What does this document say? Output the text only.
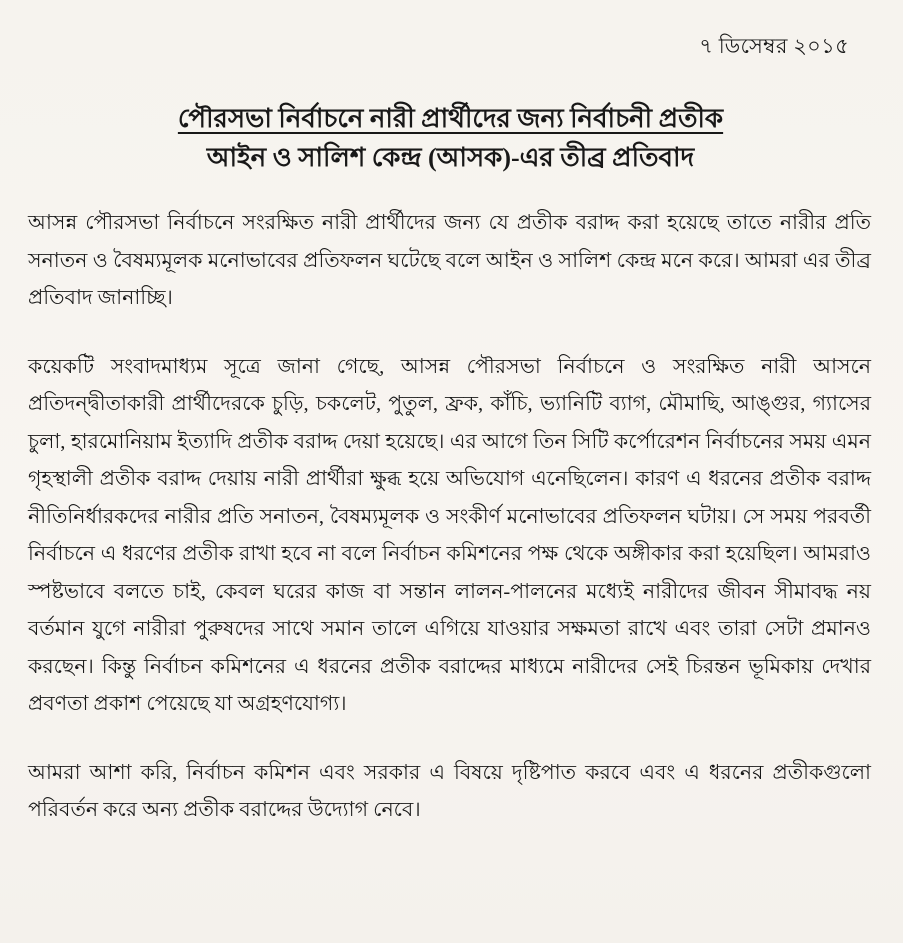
৭ ডিসেম্বর ২০১৫
পৌরসভা নির্বাচনে নারী প্রার্থীদের জন্য নির্বাচনী প্রতীক
আইন ও সালিশ কেন্দ্র (আসক)-এর তীব্র প্রতিবাদ

আসন্ন পৌরসভা নির্বাচনে সংরক্ষিত নারী প্রার্থীদের জন্য যে প্রতীক বরাদ্দ করা হয়েছে তাতে নারীর প্রতি সনাতন ও বৈষম্যমূলক মনোভাবের প্রতিফলন ঘটেছে বলে আইন ও সালিশ কেন্দ্র মনে করে। আমরা এর তীব্র প্রতিবাদ জানাচ্ছি।

কয়েকটি সংবাদমাধ্যম সূত্রে জানা গেছে, আসন্ন পৌরসভা নির্বাচনে ও সংরক্ষিত নারী আসনে প্রতিদন্দ্বীতাকারী প্রার্থীদেরকে চুড়ি, চকলেট, পুতুল, ফ্রক, কাঁচি, ভ্যানিটি ব্যাগ, মৌমাছি, আঙ্গুর, গ্যাসের চুলা, হারমোনিয়াম ইত্যাদি প্রতীক বরাদ্দ দেয়া হয়েছে। এর আগে তিন সিটি কর্পোরেশন নির্বাচনের সময় এমন গৃহস্থালী প্রতীক বরাদ্দ দেয়ায় নারী প্রার্থীরা ক্ষুব্ধ হয়ে অভিযোগ এনেছিলেন। কারণ এ ধরনের প্রতীক বরাদ্দ নীতিনির্ধারকদের নারীর প্রতি সনাতন, বৈষম্যমূলক ও সংকীর্ণ মনোভাবের প্রতিফলন ঘটায়। সে সময় পরবর্তী নির্বাচনে এ ধরণের প্রতীক রাখা হবে না বলে নির্বাচন কমিশনের পক্ষ থেকে অঙ্গীকার করা হয়েছিল। আমরাও স্পষ্টভাবে বলতে চাই, কেবল ঘরের কাজ বা সন্তান লালন-পালনের মধ্যেই নারীদের জীবন সীমাবদ্ধ নয় বর্তমান যুগে নারীরা পুরুষদের সাথে সমান তালে এগিয়ে যাওয়ার সক্ষমতা রাখে এবং তারা সেটা প্রমানও করছেন। কিন্তু নির্বাচন কমিশনের এ ধরনের প্রতীক বরাদ্দের মাধ্যমে নারীদের সেই চিরন্তন ভূমিকায় দেখার প্রবণতা প্রকাশ পেয়েছে যা অগ্রহণযোগ্য।

আমরা আশা করি, নির্বাচন কমিশন এবং সরকার এ বিষয়ে দৃষ্টিপাত করবে এবং এ ধরনের প্রতীকগুলো পরিবর্তন করে অন্য প্রতীক বরাদ্দের উদ্যোগ নেবে।
